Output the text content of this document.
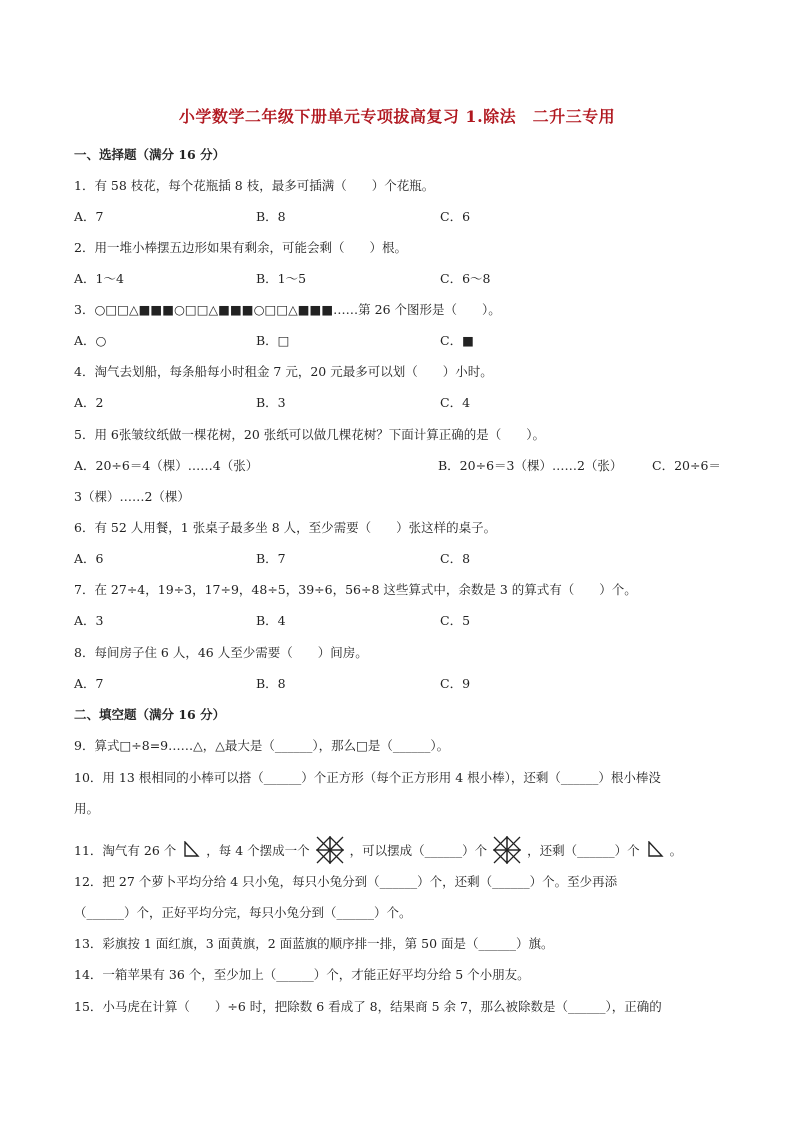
小学数学二年级下册单元专项拔高复习 1.除法　二升三专用
一、选择题（满分 16 分）
1．有 58 枝花，每个花瓶插 8 枝，最多可插满（　　）个花瓶。
A．7	B．8	C．6
2．用一堆小棒摆五边形如果有剩余，可能会剩（　　）根。
A．1～4	B．1～5	C．6～8
3．○□□△■■■○□□△■■■○□□△■■■……第 26 个图形是（　　）。
A．○	B．□	C．■
4．淘气去划船，每条船每小时租金 7 元，20 元最多可以划（　　）小时。
A．2	B．3	C．4
5．用 6张皱纹纸做一棵花树，20 张纸可以做几棵花树？下面计算正确的是（　　）。
A．20÷6＝4（棵）……4（张）	B．20÷6＝3（棵）……2（张） C．20÷6＝
3（棵）……2（棵）
6．有 52 人用餐，1 张桌子最多坐 8 人，至少需要（　　）张这样的桌子。
A．6	B．7	C．8
7．在 27÷4，19÷3，17÷9，48÷5，39÷6，56÷8 这些算式中，余数是 3 的算式有（　　）个。
A．3	B．4	C．5
8．每间房子住 6 人，46 人至少需要（　　）间房。
A．7	B．8	C．9
二、填空题（满分 16 分）
9．算式□÷8=9……△，△最大是（______），那么□是（______）。
10．用 13 根相同的小棒可以搭（______）个正方形（每个正方形用 4 根小棒），还剩（______）根小棒没
用。
11．淘气有 26 个 ，每 4 个摆成一个	，可以摆成（______）个	，还剩（______）个 。
12．把 27 个萝卜平均分给 4 只小兔，每只小兔分到（______）个，还剩（______）个。至少再添
（______）个，正好平均分完，每只小兔分到（______）个。
13．彩旗按 1 面红旗，3 面黄旗，2 面蓝旗的顺序排一排，第 50 面是（______）旗。
14．一箱苹果有 36 个，至少加上（______）个，才能正好平均分给 5 个小朋友。
15．小马虎在计算（　　）÷6 时，把除数 6 看成了 8，结果商 5 余 7，那么被除数是（______），正确的
